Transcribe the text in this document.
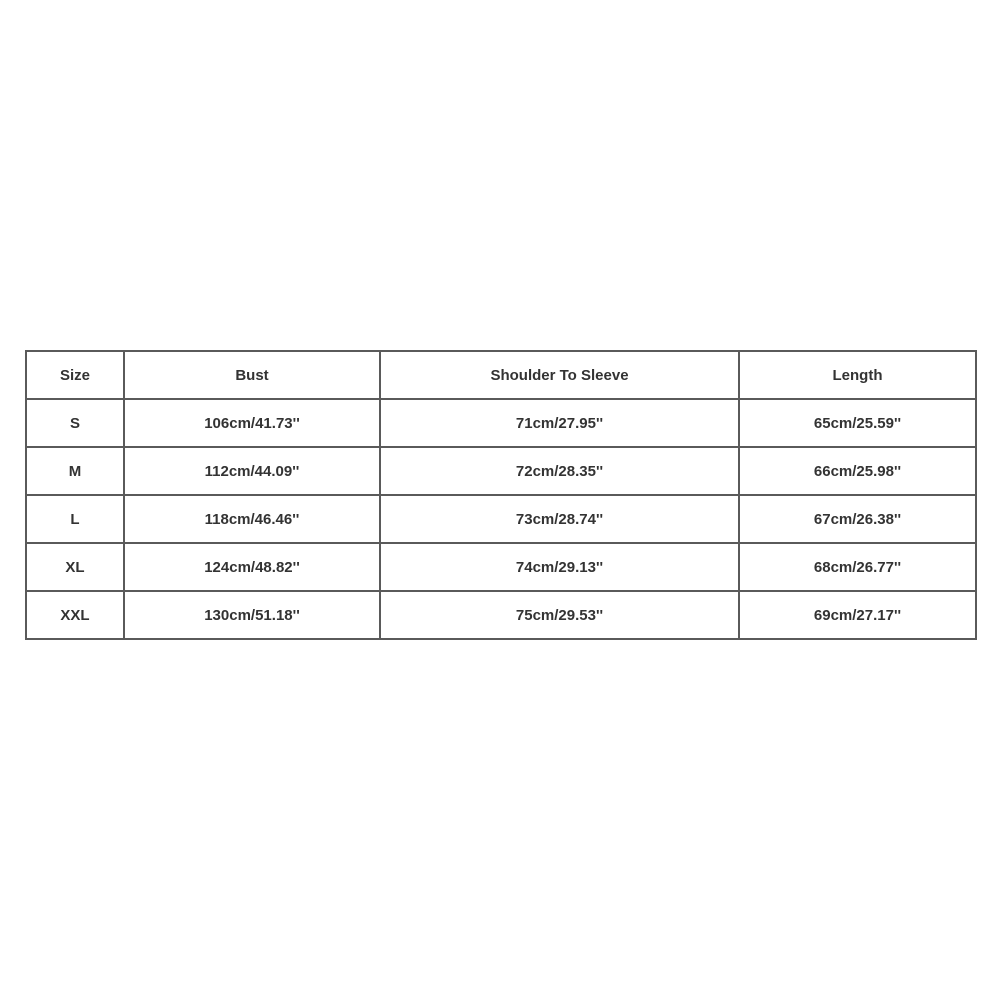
Size	Bust	Shoulder To Sleeve	Length
S	106cm/41.73''	71cm/27.95''	65cm/25.59''
M	112cm/44.09''	72cm/28.35''	66cm/25.98''
L	118cm/46.46''	73cm/28.74''	67cm/26.38''
XL	124cm/48.82''	74cm/29.13''	68cm/26.77''
XXL	130cm/51.18''	75cm/29.53''	69cm/27.17''
